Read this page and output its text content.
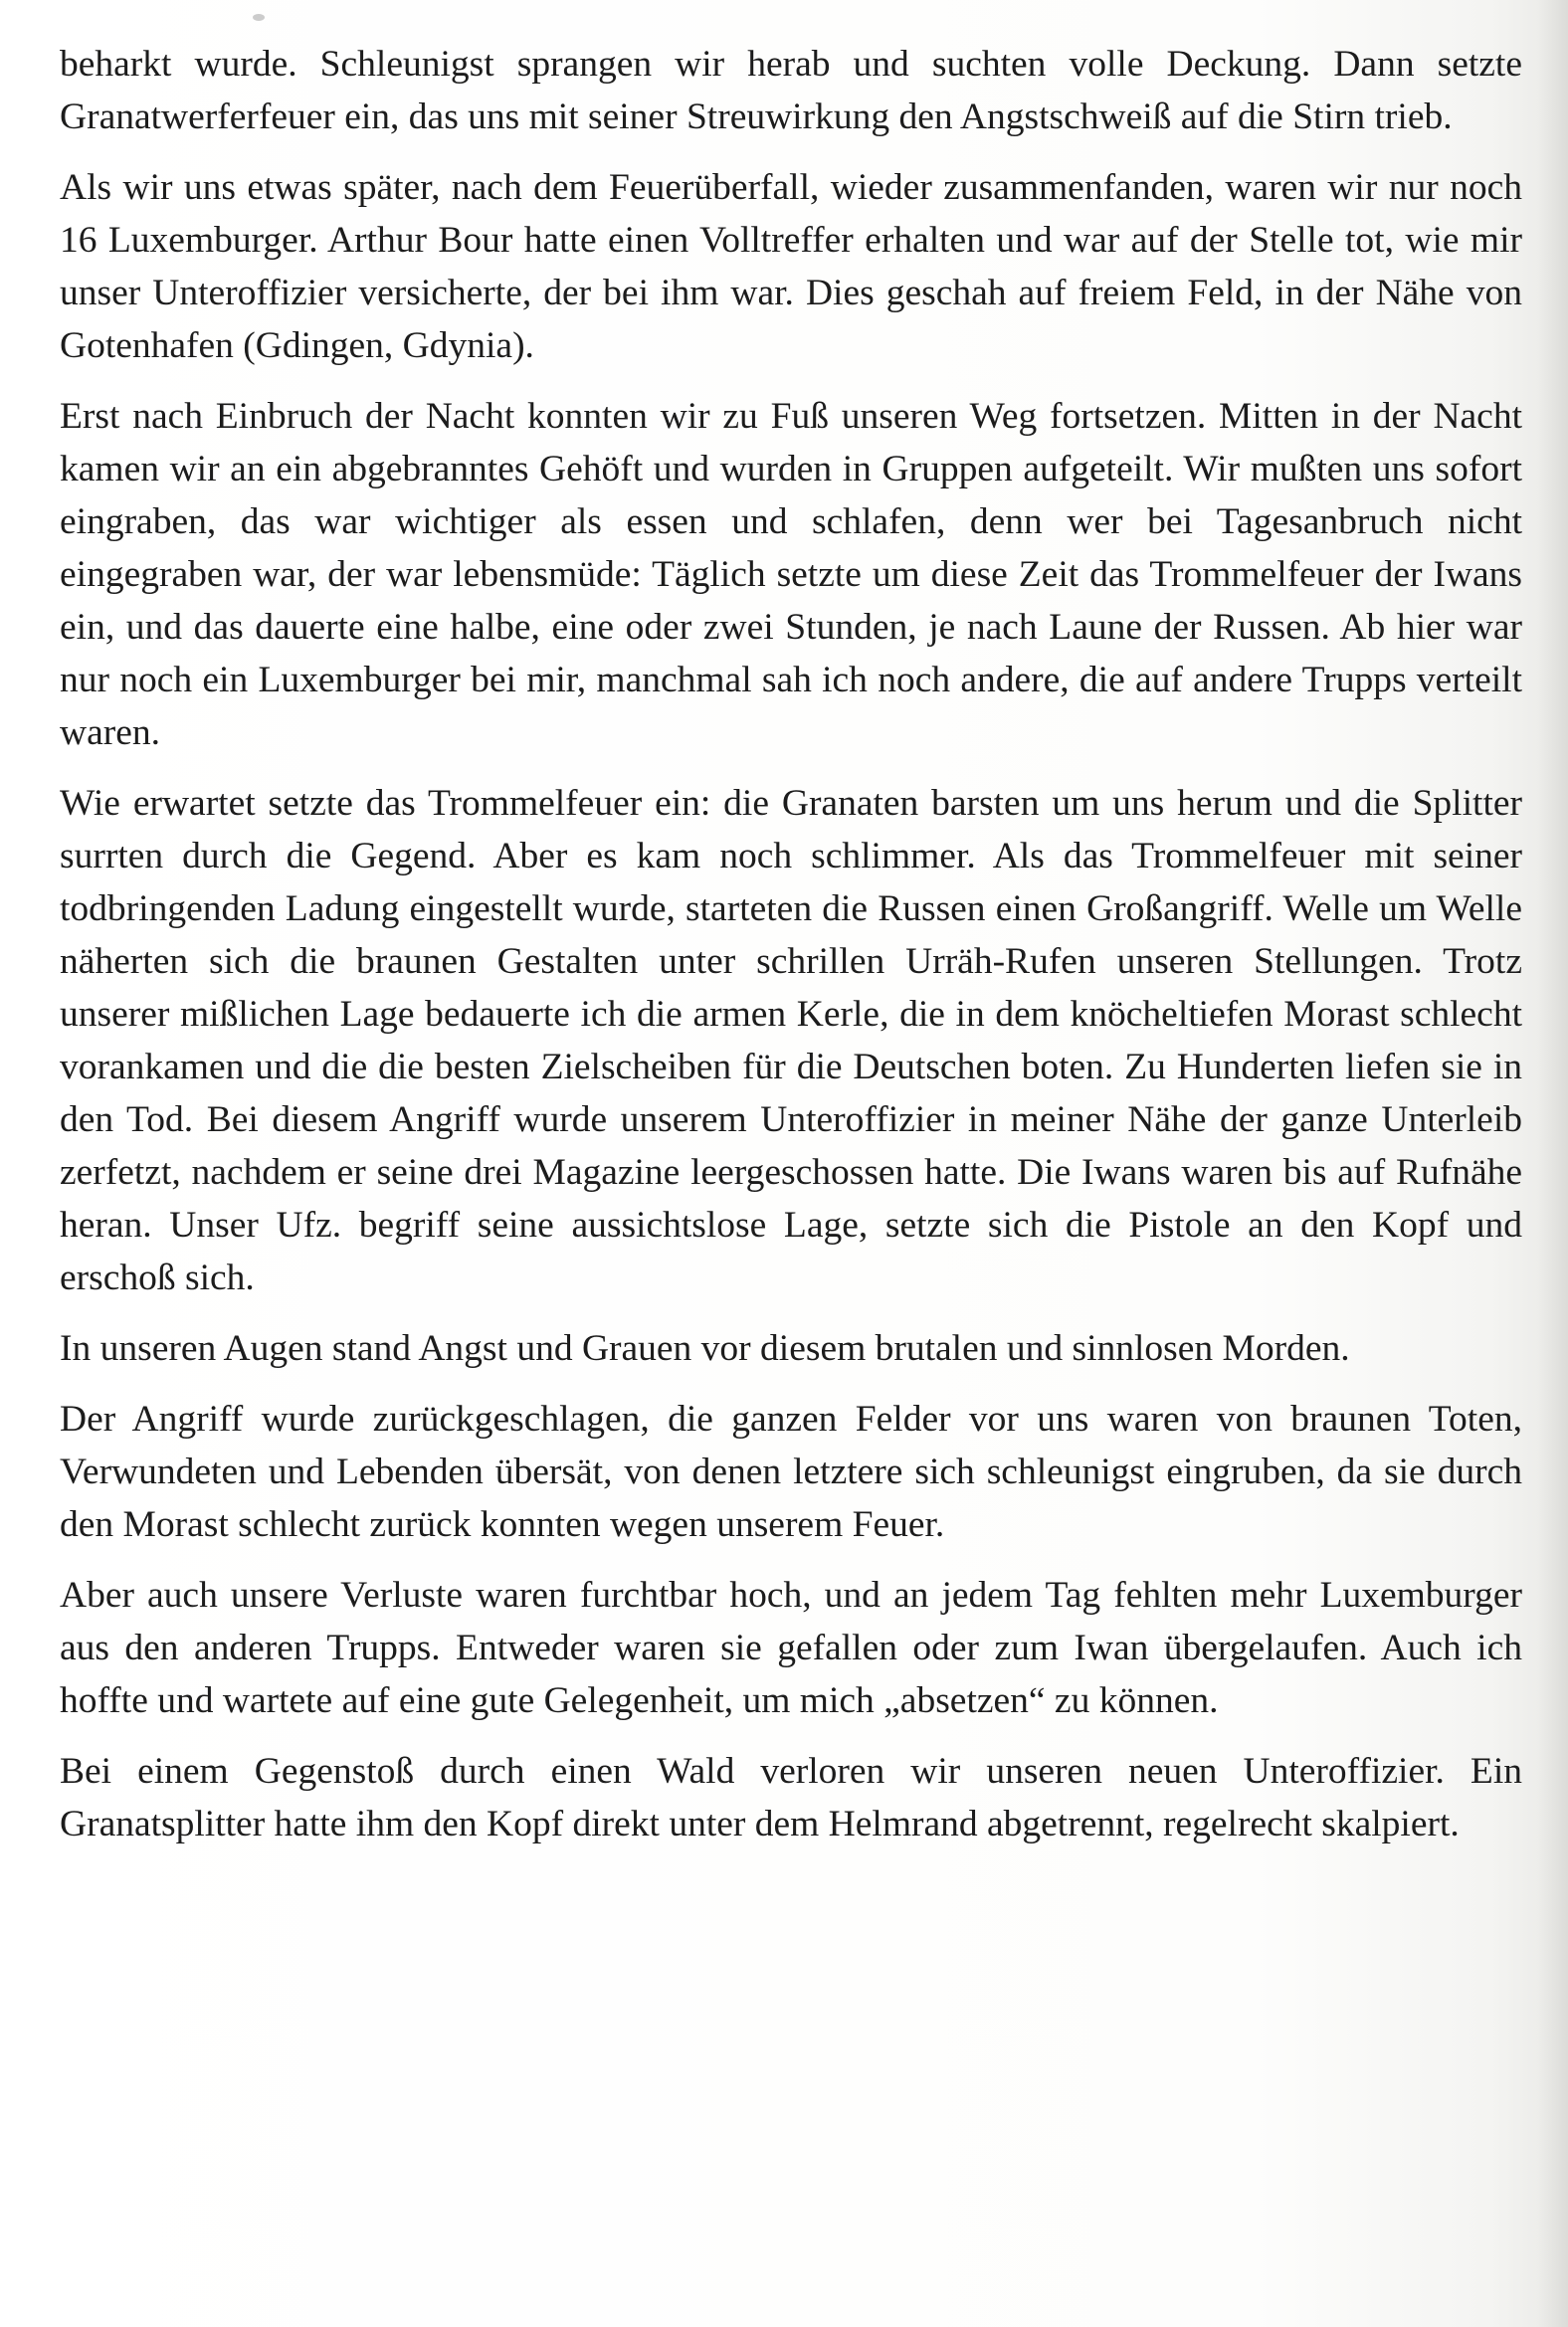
beharkt wurde. Schleunigst sprangen wir herab und suchten volle Deckung. Dann setzte Granatwerferfeuer ein, das uns mit seiner Streuwirkung den Angstschweiß auf die Stirn trieb.

Als wir uns etwas später, nach dem Feuerüberfall, wieder zusammenfanden, waren wir nur noch 16 Luxemburger. Arthur Bour hatte einen Volltreffer erhalten und war auf der Stelle tot, wie mir unser Unteroffizier versicherte, der bei ihm war. Dies geschah auf freiem Feld, in der Nähe von Gotenhafen (Gdingen, Gdynia).

Erst nach Einbruch der Nacht konnten wir zu Fuß unseren Weg fortsetzen. Mitten in der Nacht kamen wir an ein abgebranntes Gehöft und wurden in Gruppen aufgeteilt. Wir mußten uns sofort eingraben, das war wichtiger als essen und schlafen, denn wer bei Tagesanbruch nicht eingegraben war, der war lebensmüde: Täglich setzte um diese Zeit das Trommelfeuer der Iwans ein, und das dauerte eine halbe, eine oder zwei Stunden, je nach Laune der Russen. Ab hier war nur noch ein Luxemburger bei mir, manchmal sah ich noch andere, die auf andere Trupps verteilt waren.

Wie erwartet setzte das Trommelfeuer ein: die Granaten barsten um uns herum und die Splitter surrten durch die Gegend. Aber es kam noch schlimmer. Als das Trommelfeuer mit seiner todbringenden Ladung eingestellt wurde, starteten die Russen einen Großangriff. Welle um Welle näherten sich die braunen Gestalten unter schrillen Urräh-Rufen unseren Stellungen. Trotz unserer mißlichen Lage bedauerte ich die armen Kerle, die in dem knöcheltiefen Morast schlecht vorankamen und die die besten Zielscheiben für die Deutschen boten. Zu Hunderten liefen sie in den Tod. Bei diesem Angriff wurde unserem Unteroffizier in meiner Nähe der ganze Unterleib zerfetzt, nachdem er seine drei Magazine leergeschossen hatte. Die Iwans waren bis auf Rufnähe heran. Unser Ufz. begriff seine aussichtslose Lage, setzte sich die Pistole an den Kopf und erschoß sich.

In unseren Augen stand Angst und Grauen vor diesem brutalen und sinnlosen Morden.

Der Angriff wurde zurückgeschlagen, die ganzen Felder vor uns waren von braunen Toten, Verwundeten und Lebenden übersät, von denen letztere sich schleunigst eingruben, da sie durch den Morast schlecht zurück konnten wegen unserem Feuer.

Aber auch unsere Verluste waren furchtbar hoch, und an jedem Tag fehlten mehr Luxemburger aus den anderen Trupps. Entweder waren sie gefallen oder zum Iwan übergelaufen. Auch ich hoffte und wartete auf eine gute Gelegenheit, um mich „absetzen“ zu können.

Bei einem Gegenstoß durch einen Wald verloren wir unseren neuen Unteroffizier. Ein Granatsplitter hatte ihm den Kopf direkt unter dem Helmrand abgetrennt, regelrecht skalpiert.
